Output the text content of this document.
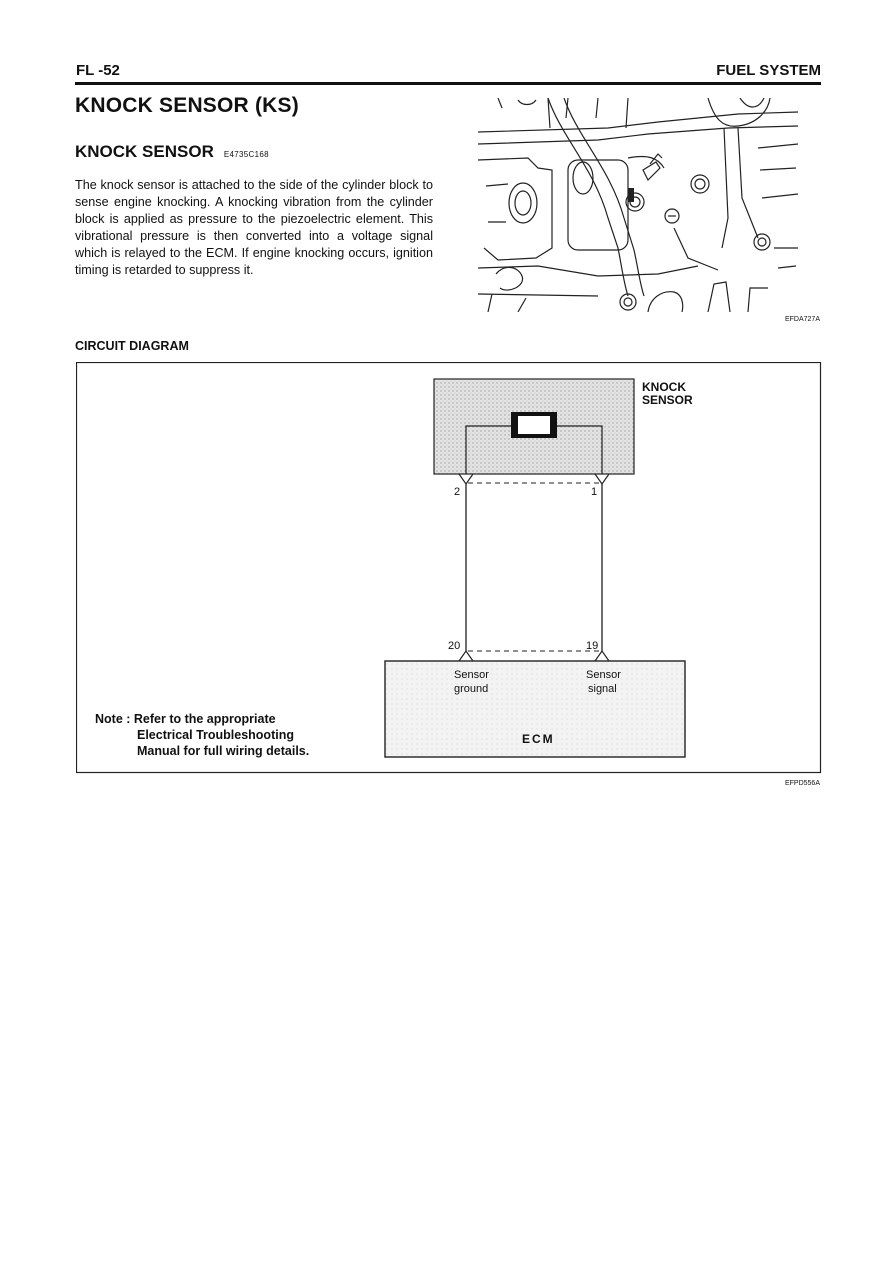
FL -52	FUEL SYSTEM
KNOCK SENSOR (KS)
KNOCK SENSOR E4735C168
The knock sensor is attached to the side of the cylinder block to sense engine knocking. A knocking vibration from the cylinder block is applied as pressure to the piezoelectric element. This vibrational pressure is then converted into a voltage signal which is relayed to the ECM. If engine knocking occurs, ignition timing is retarded to suppress it.
EFDA727A
CIRCUIT DIAGRAM
KNOCK
SENSOR
2	1
20	19
Sensor
ground
Sensor
signal
ECM
Note : Refer to the appropriate
Electrical Troubleshooting
Manual for full wiring details.
EFPD556A
